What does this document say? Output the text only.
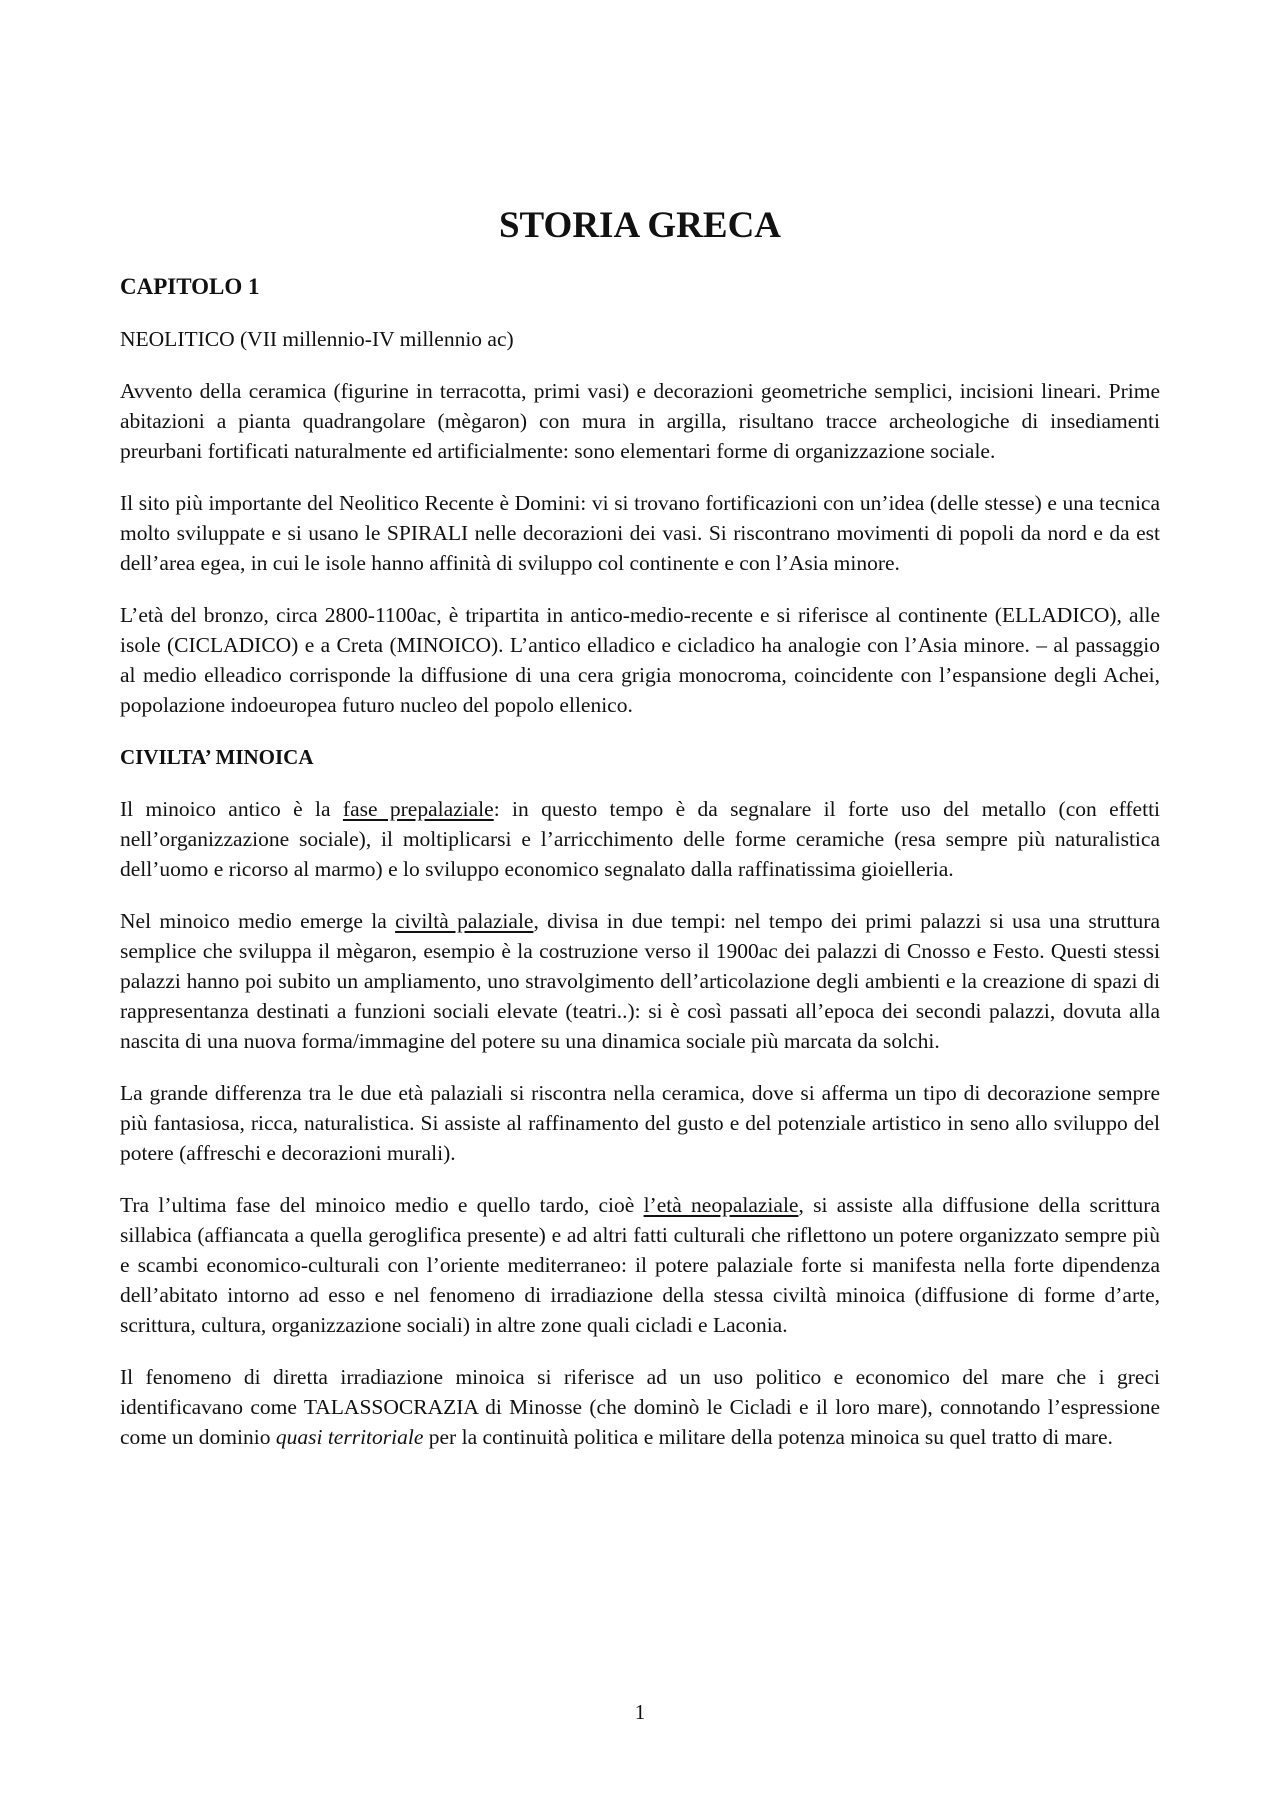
STORIA GRECA
CAPITOLO 1
NEOLITICO (VII millennio-IV millennio ac)

Avvento della ceramica (figurine in terracotta, primi vasi) e decorazioni geometriche semplici, incisioni lineari. Prime abitazioni a pianta quadrangolare (mègaron) con mura in argilla, risultano tracce archeologiche di insediamenti preurbani fortificati naturalmente ed artificialmente: sono elementari forme di organizzazione sociale.

Il sito più importante del Neolitico Recente è Domini: vi si trovano fortificazioni con un’idea (delle stesse) e una tecnica molto sviluppate e si usano le SPIRALI nelle decorazioni dei vasi. Si riscontrano movimenti di popoli da nord e da est dell’area egea, in cui le isole hanno affinità di sviluppo col continente e con l’Asia minore.

L’età del bronzo, circa 2800-1100ac, è tripartita in antico-medio-recente e si riferisce al continente (ELLADICO), alle isole (CICLADICO) e a Creta (MINOICO). L’antico elladico e cicladico ha analogie con l’Asia minore. – al passaggio al medio elleadico corrisponde la diffusione di una cera grigia monocroma, coincidente con l’espansione degli Achei, popolazione indoeuropea futuro nucleo del popolo ellenico.

CIVILTA’ MINOICA

Il minoico antico è la fase prepalaziale: in questo tempo è da segnalare il forte uso del metallo (con effetti nell’organizzazione sociale), il moltiplicarsi e l’arricchimento delle forme ceramiche (resa sempre più naturalistica dell’uomo e ricorso al marmo) e lo sviluppo economico segnalato dalla raffinatissima gioielleria.

Nel minoico medio emerge la civiltà palaziale, divisa in due tempi: nel tempo dei primi palazzi si usa una struttura semplice che sviluppa il mègaron, esempio è la costruzione verso il 1900ac dei palazzi di Cnosso e Festo. Questi stessi palazzi hanno poi subito un ampliamento, uno stravolgimento dell’articolazione degli ambienti e la creazione di spazi di rappresentanza destinati a funzioni sociali elevate (teatri..): si è così passati all’epoca dei secondi palazzi, dovuta alla nascita di una nuova forma/immagine del potere su una dinamica sociale più marcata da solchi.

La grande differenza tra le due età palaziali si riscontra nella ceramica, dove si afferma un tipo di decorazione sempre più fantasiosa, ricca, naturalistica. Si assiste al raffinamento del gusto e del potenziale artistico in seno allo sviluppo del potere (affreschi e decorazioni murali).

Tra l’ultima fase del minoico medio e quello tardo, cioè l’età neopalaziale, si assiste alla diffusione della scrittura sillabica (affiancata a quella geroglifica presente) e ad altri fatti culturali che riflettono un potere organizzato sempre più e scambi economico-culturali con l’oriente mediterraneo: il potere palaziale forte si manifesta nella forte dipendenza dell’abitato intorno ad esso e nel fenomeno di irradiazione della stessa civiltà minoica (diffusione di forme d’arte, scrittura, cultura, organizzazione sociali) in altre zone quali cicladi e Laconia.

Il fenomeno di diretta irradiazione minoica si riferisce ad un uso politico e economico del mare che i greci identificavano come TALASSOCRAZIA di Minosse (che dominò le Cicladi e il loro mare), connotando l’espressione come un dominio quasi territoriale per la continuità politica e militare della potenza minoica su quel tratto di mare.

1
